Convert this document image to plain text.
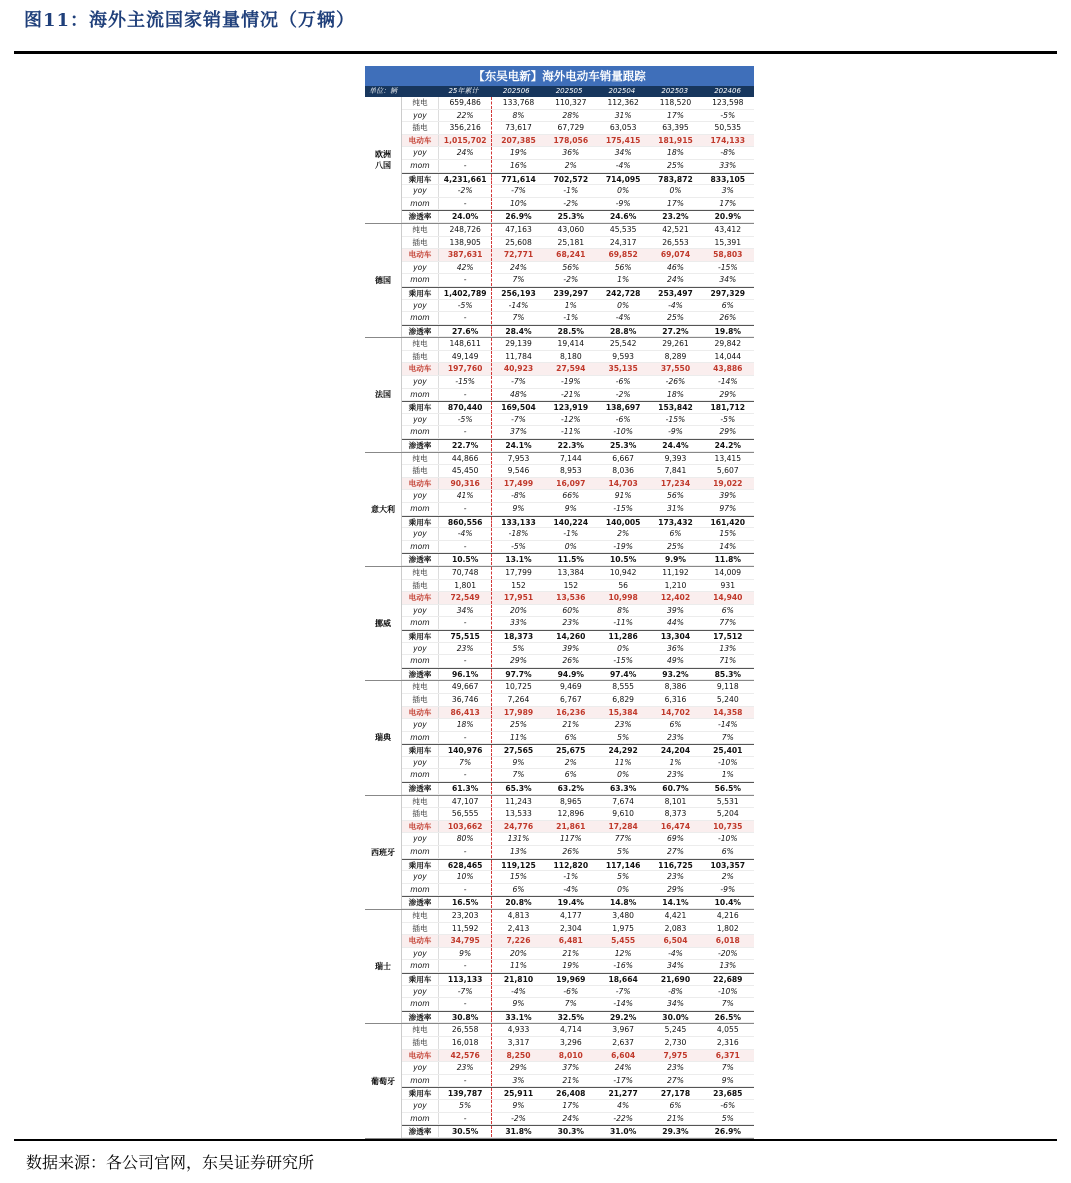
图11：海外主流国家销量情况（万辆）
【东吴电新】海外电动车销量跟踪
单位：辆	25年累计	202506	202505	202504	202503	202406
欧洲
八国
纯电	659,486	133,768	110,327	112,362	118,520	123,598
yoy	22%	8%	28%	31%	17%	-5%
插电	356,216	73,617	67,729	63,053	63,395	50,535
电动车	1,015,702	207,385	178,056	175,415	181,915	174,133
yoy	24%	19%	36%	34%	18%	-8%
mom	-	16%	2%	-4%	25%	33%
乘用车	4,231,661	771,614	702,572	714,095	783,872	833,105
yoy	-2%	-7%	-1%	0%	0%	3%
mom	-	10%	-2%	-9%	17%	17%
渗透率	24.0%	26.9%	25.3%	24.6%	23.2%	20.9%
德国
纯电	248,726	47,163	43,060	45,535	42,521	43,412
插电	138,905	25,608	25,181	24,317	26,553	15,391
电动车	387,631	72,771	68,241	69,852	69,074	58,803
yoy	42%	24%	56%	56%	46%	-15%
mom	-	7%	-2%	1%	24%	34%
乘用车	1,402,789	256,193	239,297	242,728	253,497	297,329
yoy	-5%	-14%	1%	0%	-4%	6%
mom	-	7%	-1%	-4%	25%	26%
渗透率	27.6%	28.4%	28.5%	28.8%	27.2%	19.8%
法国
纯电	148,611	29,139	19,414	25,542	29,261	29,842
插电	49,149	11,784	8,180	9,593	8,289	14,044
电动车	197,760	40,923	27,594	35,135	37,550	43,886
yoy	-15%	-7%	-19%	-6%	-26%	-14%
mom	-	48%	-21%	-2%	18%	29%
乘用车	870,440	169,504	123,919	138,697	153,842	181,712
yoy	-5%	-7%	-12%	-6%	-15%	-5%
mom	-	37%	-11%	-10%	-9%	29%
渗透率	22.7%	24.1%	22.3%	25.3%	24.4%	24.2%
意大利
纯电	44,866	7,953	7,144	6,667	9,393	13,415
插电	45,450	9,546	8,953	8,036	7,841	5,607
电动车	90,316	17,499	16,097	14,703	17,234	19,022
yoy	41%	-8%	66%	91%	56%	39%
mom	-	9%	9%	-15%	31%	97%
乘用车	860,556	133,133	140,224	140,005	173,432	161,420
yoy	-4%	-18%	-1%	2%	6%	15%
mom	-	-5%	0%	-19%	25%	14%
渗透率	10.5%	13.1%	11.5%	10.5%	9.9%	11.8%
挪威
纯电	70,748	17,799	13,384	10,942	11,192	14,009
插电	1,801	152	152	56	1,210	931
电动车	72,549	17,951	13,536	10,998	12,402	14,940
yoy	34%	20%	60%	8%	39%	6%
mom	-	33%	23%	-11%	44%	77%
乘用车	75,515	18,373	14,260	11,286	13,304	17,512
yoy	23%	5%	39%	0%	36%	13%
mom	-	29%	26%	-15%	49%	71%
渗透率	96.1%	97.7%	94.9%	97.4%	93.2%	85.3%
瑞典
纯电	49,667	10,725	9,469	8,555	8,386	9,118
插电	36,746	7,264	6,767	6,829	6,316	5,240
电动车	86,413	17,989	16,236	15,384	14,702	14,358
yoy	18%	25%	21%	23%	6%	-14%
mom	-	11%	6%	5%	23%	7%
乘用车	140,976	27,565	25,675	24,292	24,204	25,401
yoy	7%	9%	2%	11%	1%	-10%
mom	-	7%	6%	0%	23%	1%
渗透率	61.3%	65.3%	63.2%	63.3%	60.7%	56.5%
西班牙
纯电	47,107	11,243	8,965	7,674	8,101	5,531
插电	56,555	13,533	12,896	9,610	8,373	5,204
电动车	103,662	24,776	21,861	17,284	16,474	10,735
yoy	80%	131%	117%	77%	69%	-10%
mom	-	13%	26%	5%	27%	6%
乘用车	628,465	119,125	112,820	117,146	116,725	103,357
yoy	10%	15%	-1%	5%	23%	2%
mom	-	6%	-4%	0%	29%	-9%
渗透率	16.5%	20.8%	19.4%	14.8%	14.1%	10.4%
瑞士
纯电	23,203	4,813	4,177	3,480	4,421	4,216
插电	11,592	2,413	2,304	1,975	2,083	1,802
电动车	34,795	7,226	6,481	5,455	6,504	6,018
yoy	9%	20%	21%	12%	-4%	-20%
mom	-	11%	19%	-16%	34%	13%
乘用车	113,133	21,810	19,969	18,664	21,690	22,689
yoy	-7%	-4%	-6%	-7%	-8%	-10%
mom	-	9%	7%	-14%	34%	7%
渗透率	30.8%	33.1%	32.5%	29.2%	30.0%	26.5%
葡萄牙
纯电	26,558	4,933	4,714	3,967	5,245	4,055
插电	16,018	3,317	3,296	2,637	2,730	2,316
电动车	42,576	8,250	8,010	6,604	7,975	6,371
yoy	23%	29%	37%	24%	23%	7%
mom	-	3%	21%	-17%	27%	9%
乘用车	139,787	25,911	26,408	21,277	27,178	23,685
yoy	5%	9%	17%	4%	6%	-6%
mom	-	-2%	24%	-22%	21%	5%
渗透率	30.5%	31.8%	30.3%	31.0%	29.3%	26.9%
数据来源：各公司官网，东吴证券研究所
